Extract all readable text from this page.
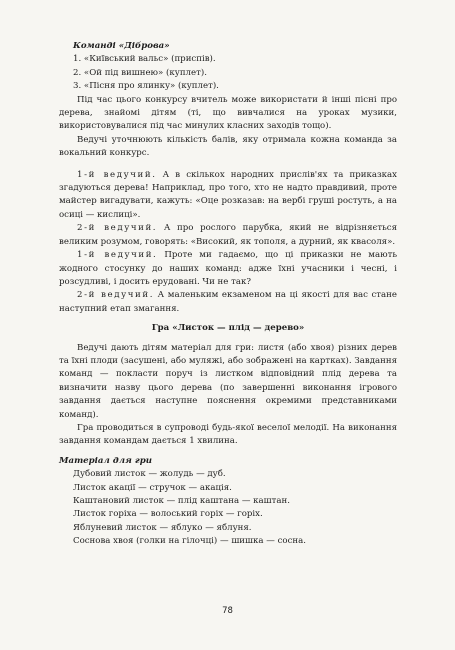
Команді «Діброва»

1. «Київський вальс» (приспів).

2. «Ой під вишнею» (куплет).

3. «Пісня про ялинку» (куплет).

Під час цього конкурсу вчитель може використати й інші пісні про дерева, знайомі дітям (ті, що вивчалися на уроках музики, використовувалися під час минулих класних заходів тощо).

Ведучі уточнюють кількість балів, яку отримала кожна команда за вокальний конкурс.

1-й ведучий. А в скількох народних прислів'ях та приказках згадуються дерева! Наприклад, про того, хто не надто правдивий, проте майстер вигадувати, кажуть: «Оце розказав: на вербі груші ростуть, а на осиці — кислиці».

2-й ведучий. А про рослого парубка, який не відрізняється великим розумом, говорять: «Високий, як тополя, а дурний, як квасоля».

1-й ведучий. Проте ми гадаємо, що ці приказки не мають жодного стосунку до наших команд: адже їхні учасники і чесні, і розсудливі, і досить ерудовані. Чи не так?

2-й ведучий. А маленьким екзаменом на ці якості для вас стане наступний етап змагання.

Гра «Листок — плід — дерево»

Ведучі дають дітям матеріал для гри: листя (або хвоя) різних дерев та їхні плоди (засушені, або муляжі, або зображені на картках). Завдання команд — покласти поруч із листком відповідний плід дерева та визначити назву цього дерева (по завершенні виконання ігрового завдання дається наступне пояснення окремими представниками команд).

Гра проводиться в супроводі будь-якої веселої мелодії. На виконання завдання командам дається 1 хвилина.

Матеріал для гри

Дубовий листок — жолудь — дуб.

Листок акації — стручок — акація.

Каштановий листок — плід каштана — каштан.

Листок горіха — волоський горіх — горіх.

Яблуневий листок — яблуко — яблуня.

Соснова хвоя (голки на гілочці) — шишка — сосна.

78
